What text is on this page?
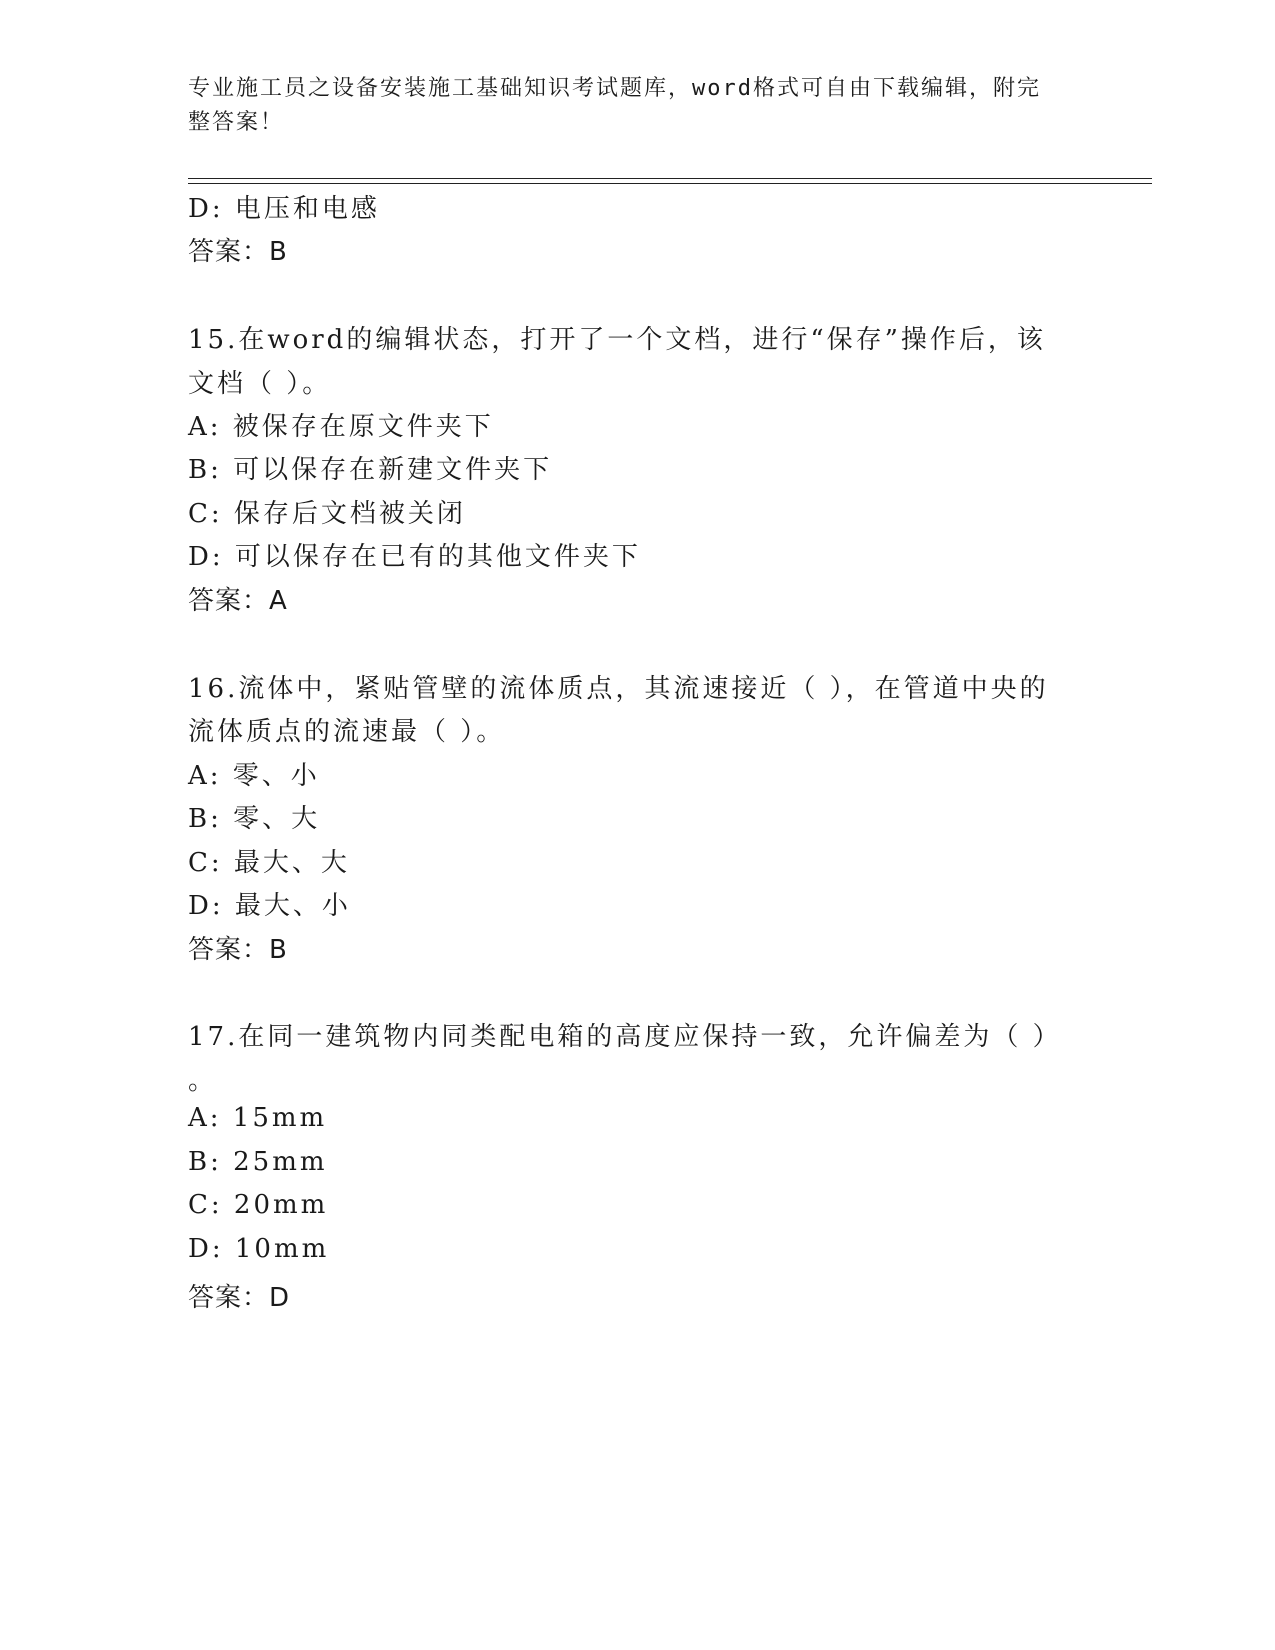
专业施工员之设备安装施工基础知识考试题库，word格式可自由下载编辑，附完
整答案！
D: 电压和电感
答案：B
15.在word的编辑状态，打开了一个文档，进行“保存”操作后，该
文档（ ）。
A: 被保存在原文件夹下
B: 可以保存在新建文件夹下
C: 保存后文档被关闭
D: 可以保存在已有的其他文件夹下
答案：A
16.流体中，紧贴管壁的流体质点，其流速接近（ ），在管道中央的
流体质点的流速最（ ）。
A: 零、小
B: 零、大
C: 最大、大
D: 最大、小
答案：B
17.在同一建筑物内同类配电箱的高度应保持一致，允许偏差为（ ）
。
A: 15mm
B: 25mm
C: 20mm
D: 10mm
答案：D
